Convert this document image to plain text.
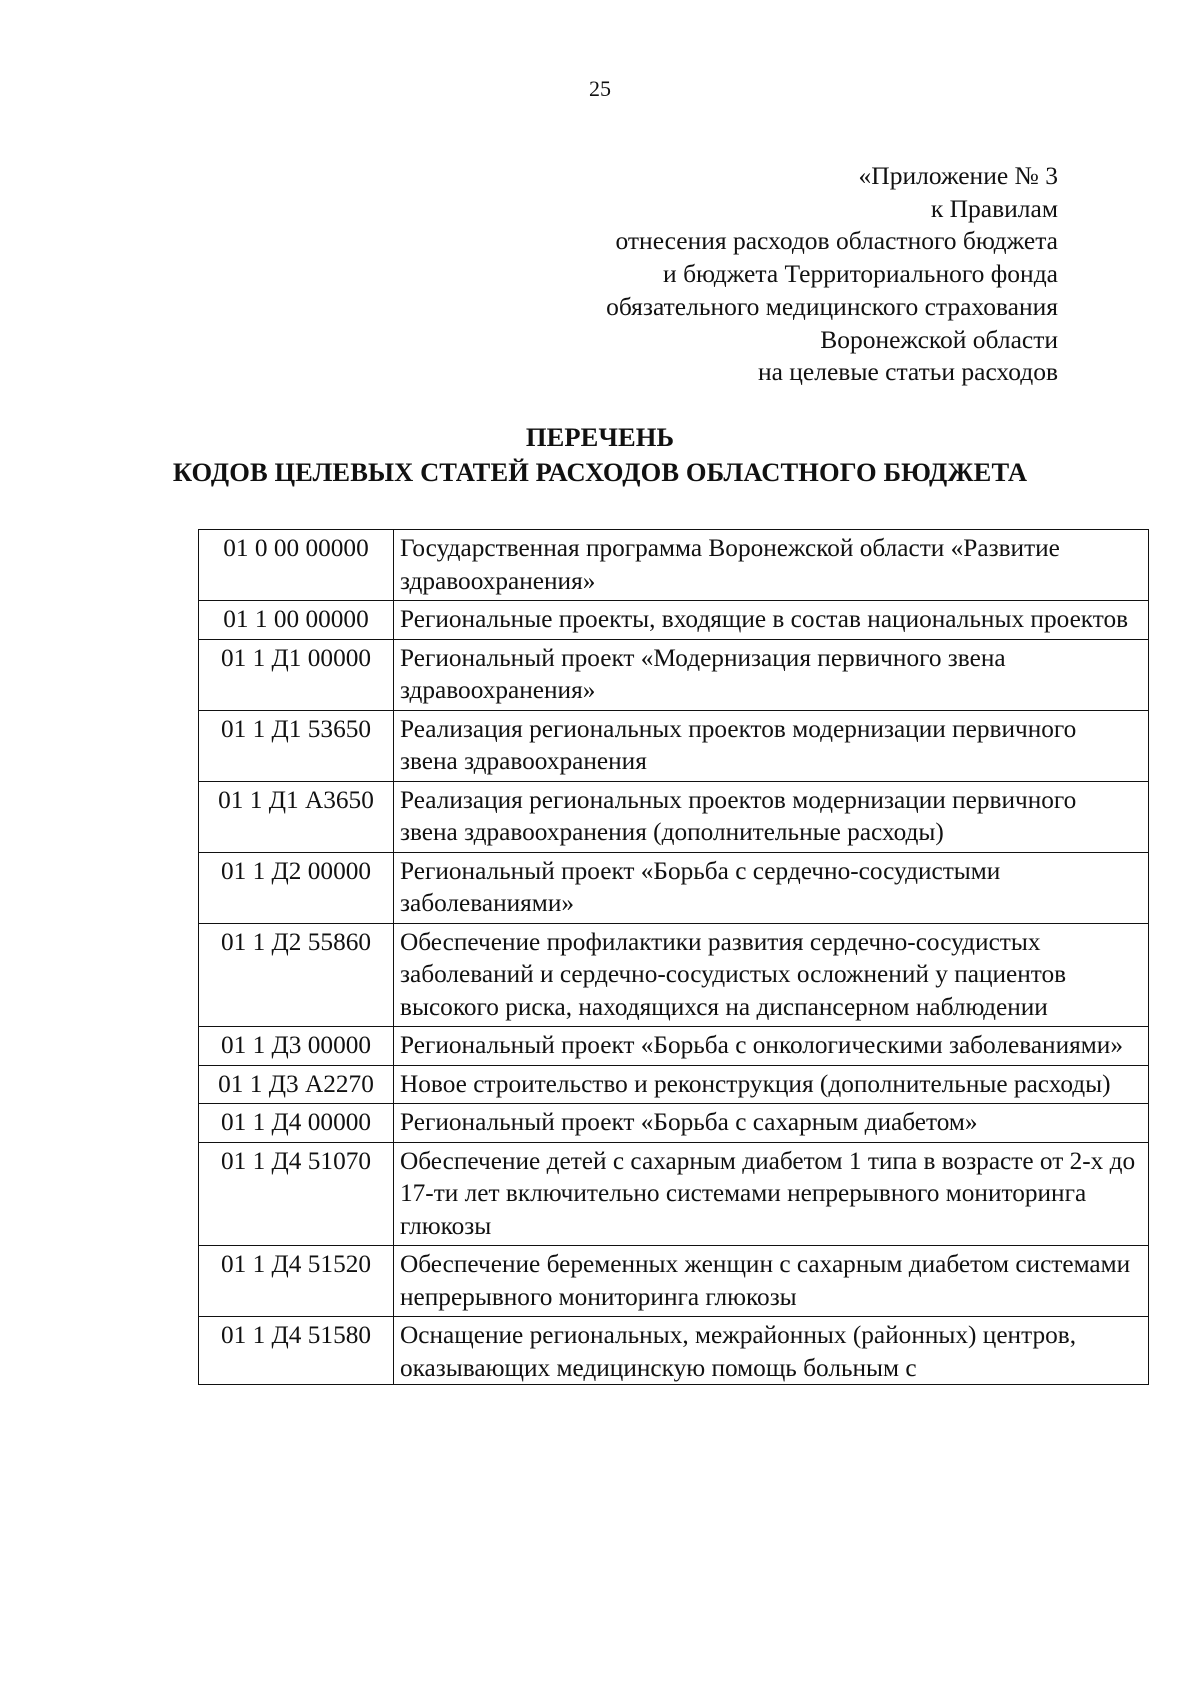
25
«Приложение № 3
к Правилам
отнесения расходов областного бюджета
и бюджета Территориального фонда
обязательного медицинского страхования
Воронежской области
на целевые статьи расходов
ПЕРЕЧЕНЬ
КОДОВ ЦЕЛЕВЫХ СТАТЕЙ РАСХОДОВ ОБЛАСТНОГО БЮДЖЕТА
01 0 00 00000	Государственная программа Воронежской области «Развитие здравоохранения»
01 1 00 00000	Региональные проекты, входящие в состав национальных проектов
01 1 Д1 00000	Региональный проект «Модернизация первичного звена здравоохранения»
01 1 Д1 53650	Реализация региональных проектов модернизации первичного звена здравоохранения
01 1 Д1 А3650	Реализация региональных проектов модернизации первичного звена здравоохранения (дополнительные расходы)
01 1 Д2 00000	Региональный проект «Борьба с сердечно-сосудистыми заболеваниями»
01 1 Д2 55860	Обеспечение профилактики развития сердечно-сосудистых заболеваний и сердечно-сосудистых осложнений у пациентов высокого риска, находящихся на диспансерном наблюдении
01 1 Д3 00000	Региональный проект «Борьба с онкологическими заболеваниями»
01 1 Д3 А2270	Новое строительство и реконструкция (дополнительные расходы)
01 1 Д4 00000	Региональный проект «Борьба с сахарным диабетом»
01 1 Д4 51070	Обеспечение детей с сахарным диабетом 1 типа в возрасте от 2-х до 17-ти лет включительно системами непрерывного мониторинга глюкозы
01 1 Д4 51520	Обеспечение беременных женщин с сахарным диабетом системами непрерывного мониторинга глюкозы
01 1 Д4 51580	Оснащение региональных, межрайонных (районных) центров, оказывающих медицинскую помощь больным с
